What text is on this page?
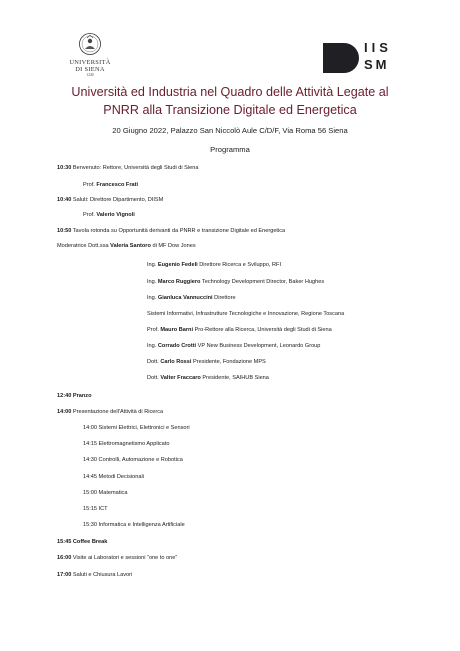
UNIVERSITÀ
DI SIENA
1240
IIS
SM
Università ed Industria nel Quadro delle Attività Legate al
PNRR alla Transizione Digitale ed Energetica
20 Giugno 2022, Palazzo San Niccolò Aule C/D/F, Via Roma 56 Siena
Programma
10:30 Benvenuto: Rettore, Università degli Studi di Siena
Prof. Francesco Frati
10:40 Saluti: Direttore Dipartimento, DIISM
Prof. Valerio Vignoli
10:50 Tavola rotonda su Opportunità derivanti da PNRR e transizione Digitale ed Energetica
Moderatrice Dott.ssa Valeria Santoro di MF Dow Jones
Ing. Eugenio Fedeli Direttore Ricerca e Sviluppo, RFI
Ing. Marco Ruggiero Technology Development Director, Baker Hughes
Ing. Gianluca Vannuccini Direttore
Sistemi Informativi, Infrastrutture Tecnologiche e Innovazione, Regione Toscana
Prof. Mauro Barni Pro-Rettore alla Ricerca, Università degli Studi di Siena
Ing. Corrado Crotti VP New Business Development, Leonardo Group
Dott. Carlo Rossi Presidente, Fondazione MPS
Dott. Valter Fraccaro Presidente, SAIHUB Siena
12:40 Pranzo
14:00 Presentazione dell'Attività di Ricerca
14:00 Sistemi Elettrici, Elettronici e Sensori
14:15 Elettromagnetismo Applicato
14:30 Controlli, Automazione e Robotica
14:45 Metodi Decisionali
15:00 Matematica
15:15 ICT
15:30 Informatica e Intelligenza Artificiale
15:45 Coffee Break
16:00 Visite ai Laboratori e sessioni “one to one”
17:00 Saluti e Chiusura Lavori
